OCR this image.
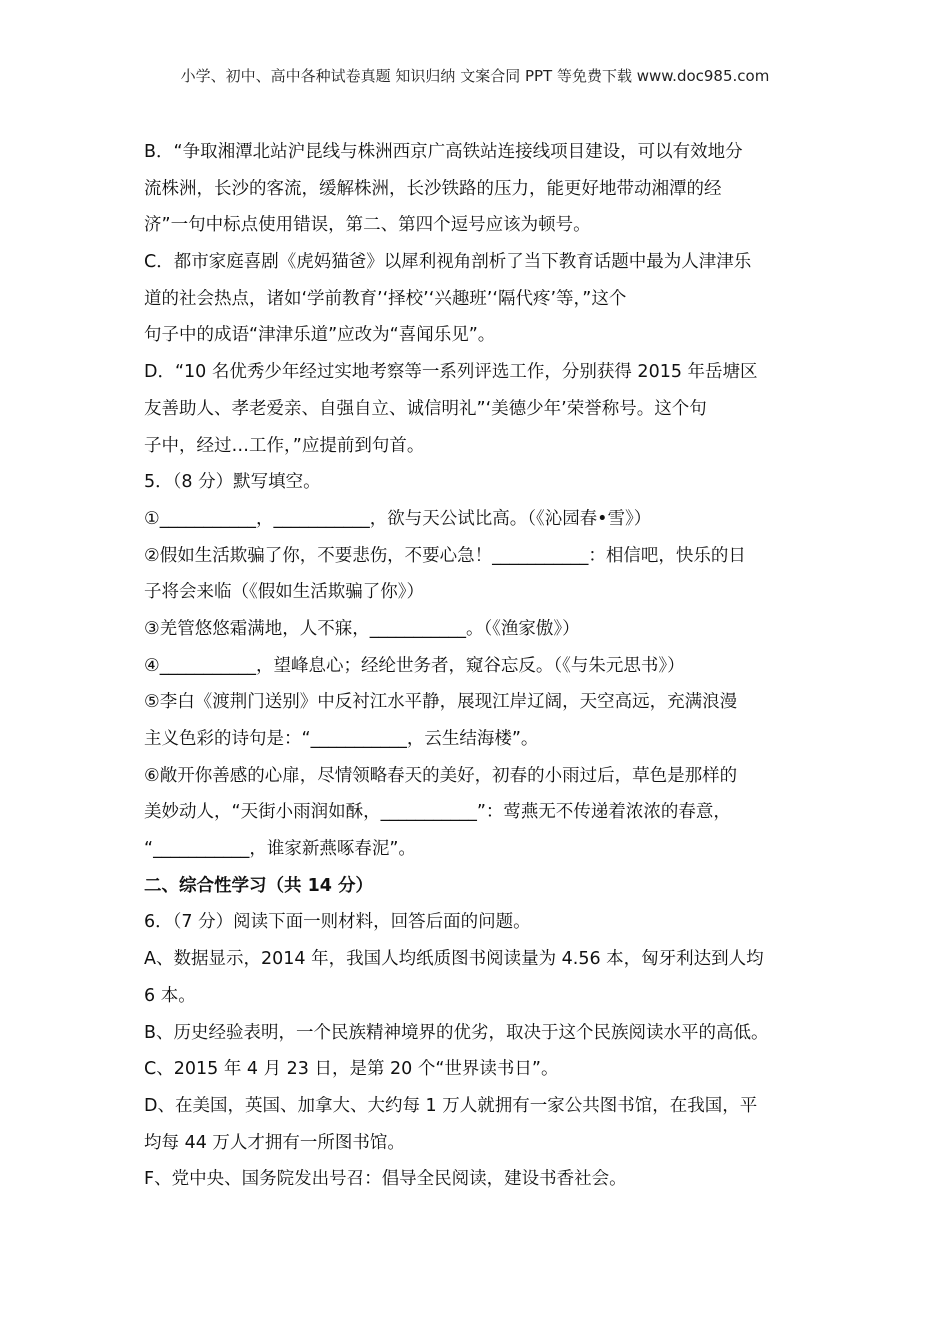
小学、初中、高中各种试卷真题 知识归纳 文案合同 PPT 等免费下载 www.doc985.com
B．“争取湘潭北站沪昆线与株洲西京广高铁站连接线项目建设，可以有效地分
流株洲，长沙的客流，缓解株洲，长沙铁路的压力，能更好地带动湘潭的经
济”一句中标点使用错误，第二、第四个逗号应该为顿号。
C．都市家庭喜剧《虎妈猫爸》以犀利视角剖析了当下教育话题中最为人津津乐
道的社会热点，诸如‘学前教育’‘择校’‘兴趣班’‘隔代疼’等，”这个
句子中的成语“津津乐道”应改为“喜闻乐见”。
D．“10 名优秀少年经过实地考察等一系列评选工作，分别获得 2015 年岳塘区
友善助人、孝老爱亲、自强自立、诚信明礼”‘美德少年’荣誉称号。这个句
子中，经过…工作，”应提前到句首。
5．（8 分）默写填空。
①___________，___________，欲与天公试比高。（《沁园春•雪》）
②假如生活欺骗了你，不要悲伤，不要心急！___________：相信吧，快乐的日
子将会来临（《假如生活欺骗了你》）
③羌管悠悠霜满地，人不寐，___________。（《渔家傲》）
④___________，望峰息心；经纶世务者，窥谷忘反。（《与朱元思书》）
⑤李白《渡荆门送别》中反衬江水平静，展现江岸辽阔，天空高远，充满浪漫
主义色彩的诗句是：“___________，云生结海楼”。
⑥敞开你善感的心扉，尽情领略春天的美好，初春的小雨过后，草色是那样的
美妙动人，“天街小雨润如酥，___________”：莺燕无不传递着浓浓的春意，
“___________，谁家新燕啄春泥”。
二、综合性学习（共 14 分）
6．（7 分）阅读下面一则材料，回答后面的问题。
A、数据显示，2014 年，我国人均纸质图书阅读量为 4.56 本，匈牙利达到人均
6 本。
B、历史经验表明，一个民族精神境界的优劣，取决于这个民族阅读水平的高低。
C、2015 年 4 月 23 日，是第 20 个“世界读书日”。
D、在美国，英国、加拿大、大约每 1 万人就拥有一家公共图书馆，在我国，平
均每 44 万人才拥有一所图书馆。
F、党中央、国务院发出号召：倡导全民阅读，建设书香社会。
